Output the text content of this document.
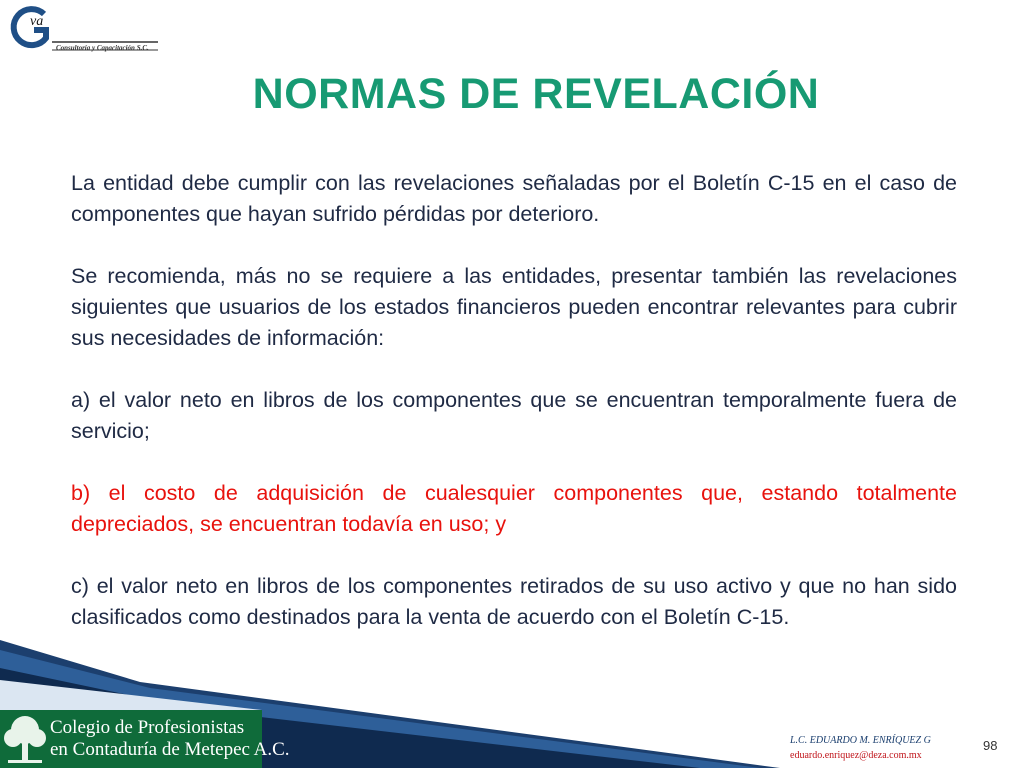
va
Consultoría y Capacitación S.C.
NORMAS DE REVELACIÓN

La entidad debe cumplir con las revelaciones señaladas por el Boletín C-15 en el caso de componentes que hayan sufrido pérdidas por deterioro.

Se recomienda, más no se requiere a las entidades, presentar también las revelaciones siguientes que usuarios de los estados financieros pueden encontrar relevantes para cubrir sus necesidades de información:

a) el valor neto en libros de los componentes que se encuentran temporalmente fuera de servicio;

b) el costo de adquisición de cualesquier componentes que, estando totalmente depreciados, se encuentran todavía en uso; y

c) el valor neto en libros de los componentes retirados de su uso activo y que no han sido clasificados como destinados para la venta de acuerdo con el Boletín C-15.

Colegio de Profesionistas
en Contaduría de Metepec A.C.	L.C. EDUARDO M. ENRÍQUEZ G
eduardo.enriquez@deza.com.mx
98
